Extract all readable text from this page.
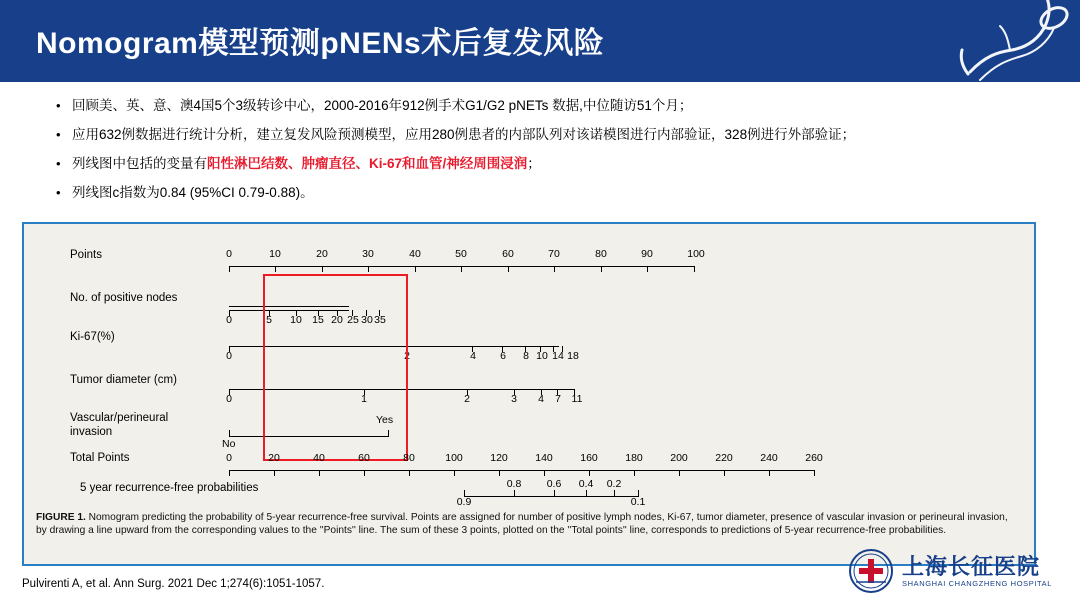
Nomogram模型预测pNENs术后复发风险
• 回顾美、英、意、澳4国5个3级转诊中心，2000-2016年912例手术G1/G2 pNETs 数据,中位随访51个月；
• 应用632例数据进行统计分析，建立复发风险预测模型，应用280例患者的内部队列对该诺模图进行内部验证，328例进行外部验证；
• 列线图中包括的变量有阳性淋巴结数、肿瘤直径、Ki-67和血管/神经周围浸润；
• 列线图c指数为0.84 (95%CI 0.79-0.88)。
Points	0	10	20	30	40	50	60	70	80	90	100
No. of positive nodes
0	5 10 15 20 25 30 35
Ki-67(%)
0	2	4 6 8 10 14 18
Tumor diameter (cm)
0	1	2	3 4 7 11
Vascular/perineural
invasion
No
Yes
Total Points	0	20	40	60	80	100	120	140	160	180	200	220	240	260
5 year recurrence-free probabilities
0.9
0.8 0.6 0.4 0.2
0.1
FIGURE 1. Nomogram predicting the probability of 5-year recurrence-free survival. Points are assigned for number of positive lymph nodes, Ki-67, tumor diameter, presence of vascular invasion or perineural invasion, by drawing a line upward from the corresponding values to the ''Points'' line. The sum of these 3 points, plotted on the ''Total points'' line, corresponds to predictions of 5-year recurrence-free probabilities.
Pulvirenti A, et al. Ann Surg. 2021 Dec 1;274(6):1051-1057.
上海长征医院
SHANGHAI CHANGZHENG HOSPITAL
